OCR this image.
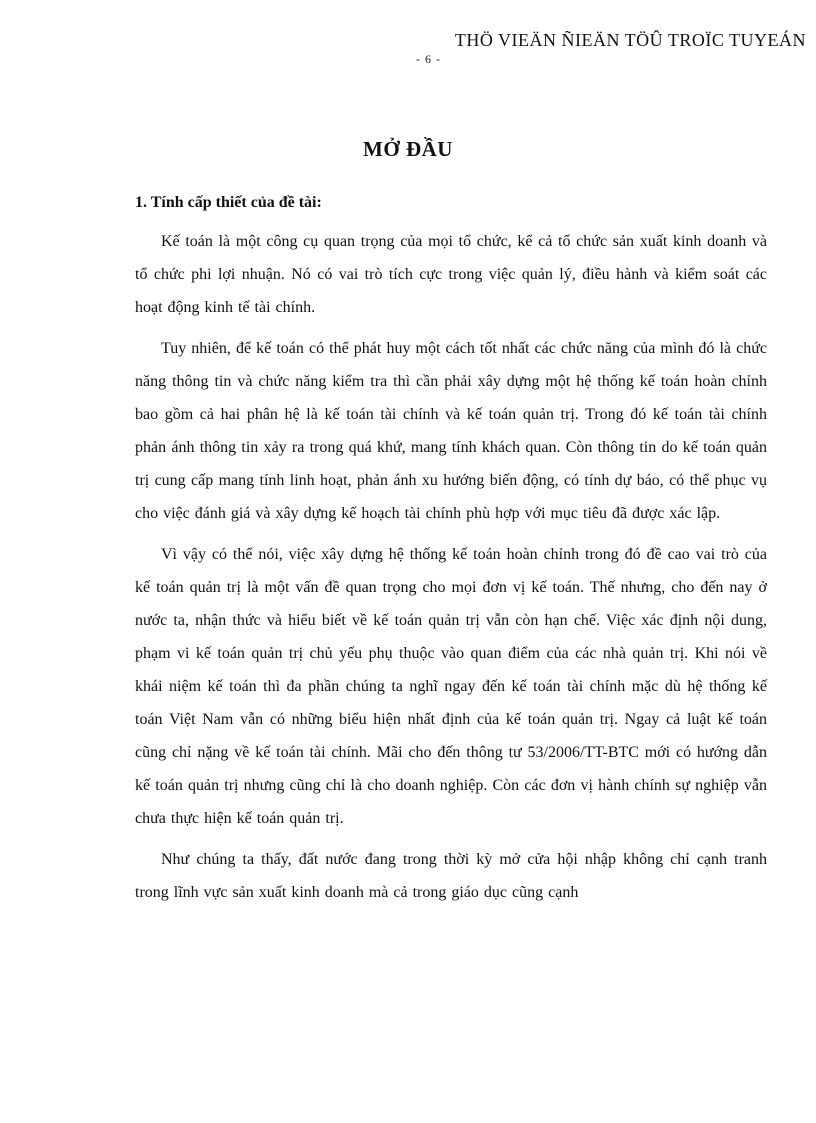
- 6 -
THÖ VIEÄN ÑIEÄN TÖÛ TROÏC TUYEÁN
MỞ ĐẦU
1. Tính cấp thiết của đề tài:

Kế toán là một công cụ quan trọng của mọi tổ chức, kể cả tổ chức sản xuất kinh doanh và tổ chức phi lợi nhuận. Nó có vai trò tích cực trong việc quản lý, điều hành và kiểm soát các hoạt động kinh tế tài chính.

Tuy nhiên, để kế toán có thể phát huy một cách tốt nhất các chức năng của mình đó là chức năng thông tin và chức năng kiểm tra thì cần phải xây dựng một hệ thống kế toán hoàn chỉnh bao gồm cả hai phân hệ là kế toán tài chính và kế toán quản trị. Trong đó kế toán tài chính phản ánh thông tin xảy ra trong quá khứ, mang tính khách quan. Còn thông tin do kế toán quản trị cung cấp mang tính linh hoạt, phản ánh xu hướng biến động, có tính dự báo, có thể phục vụ cho việc đánh giá và xây dựng kế hoạch tài chính phù hợp với mục tiêu đã được xác lập.

Vì vậy có thể nói, việc xây dựng hệ thống kế toán hoàn chỉnh trong đó đề cao vai trò của kế toán quản trị là một vấn đề quan trọng cho mọi đơn vị kế toán. Thế nhưng, cho đến nay ở nước ta, nhận thức và hiểu biết về kế toán quản trị vẫn còn hạn chế. Việc xác định nội dung, phạm vi kế toán quản trị chủ yếu phụ thuộc vào quan điểm của các nhà quản trị. Khi nói về khái niệm kế toán thì đa phần chúng ta nghĩ ngay đến kế toán tài chính mặc dù hệ thống kế toán Việt Nam vẫn có những biểu hiện nhất định của kế toán quản trị. Ngay cả luật kế toán cũng chỉ nặng về kế toán tài chính. Mãi cho đến thông tư 53/2006/TT-BTC mới có hướng dẫn kế toán quản trị nhưng cũng chỉ là cho doanh nghiệp. Còn các đơn vị hành chính sự nghiệp vẫn chưa thực hiện kế toán quản trị.

Như chúng ta thấy, đất nước đang trong thời kỳ mở cửa hội nhập không chỉ cạnh tranh trong lĩnh vực sản xuất kinh doanh mà cả trong giáo dục cũng cạnh
